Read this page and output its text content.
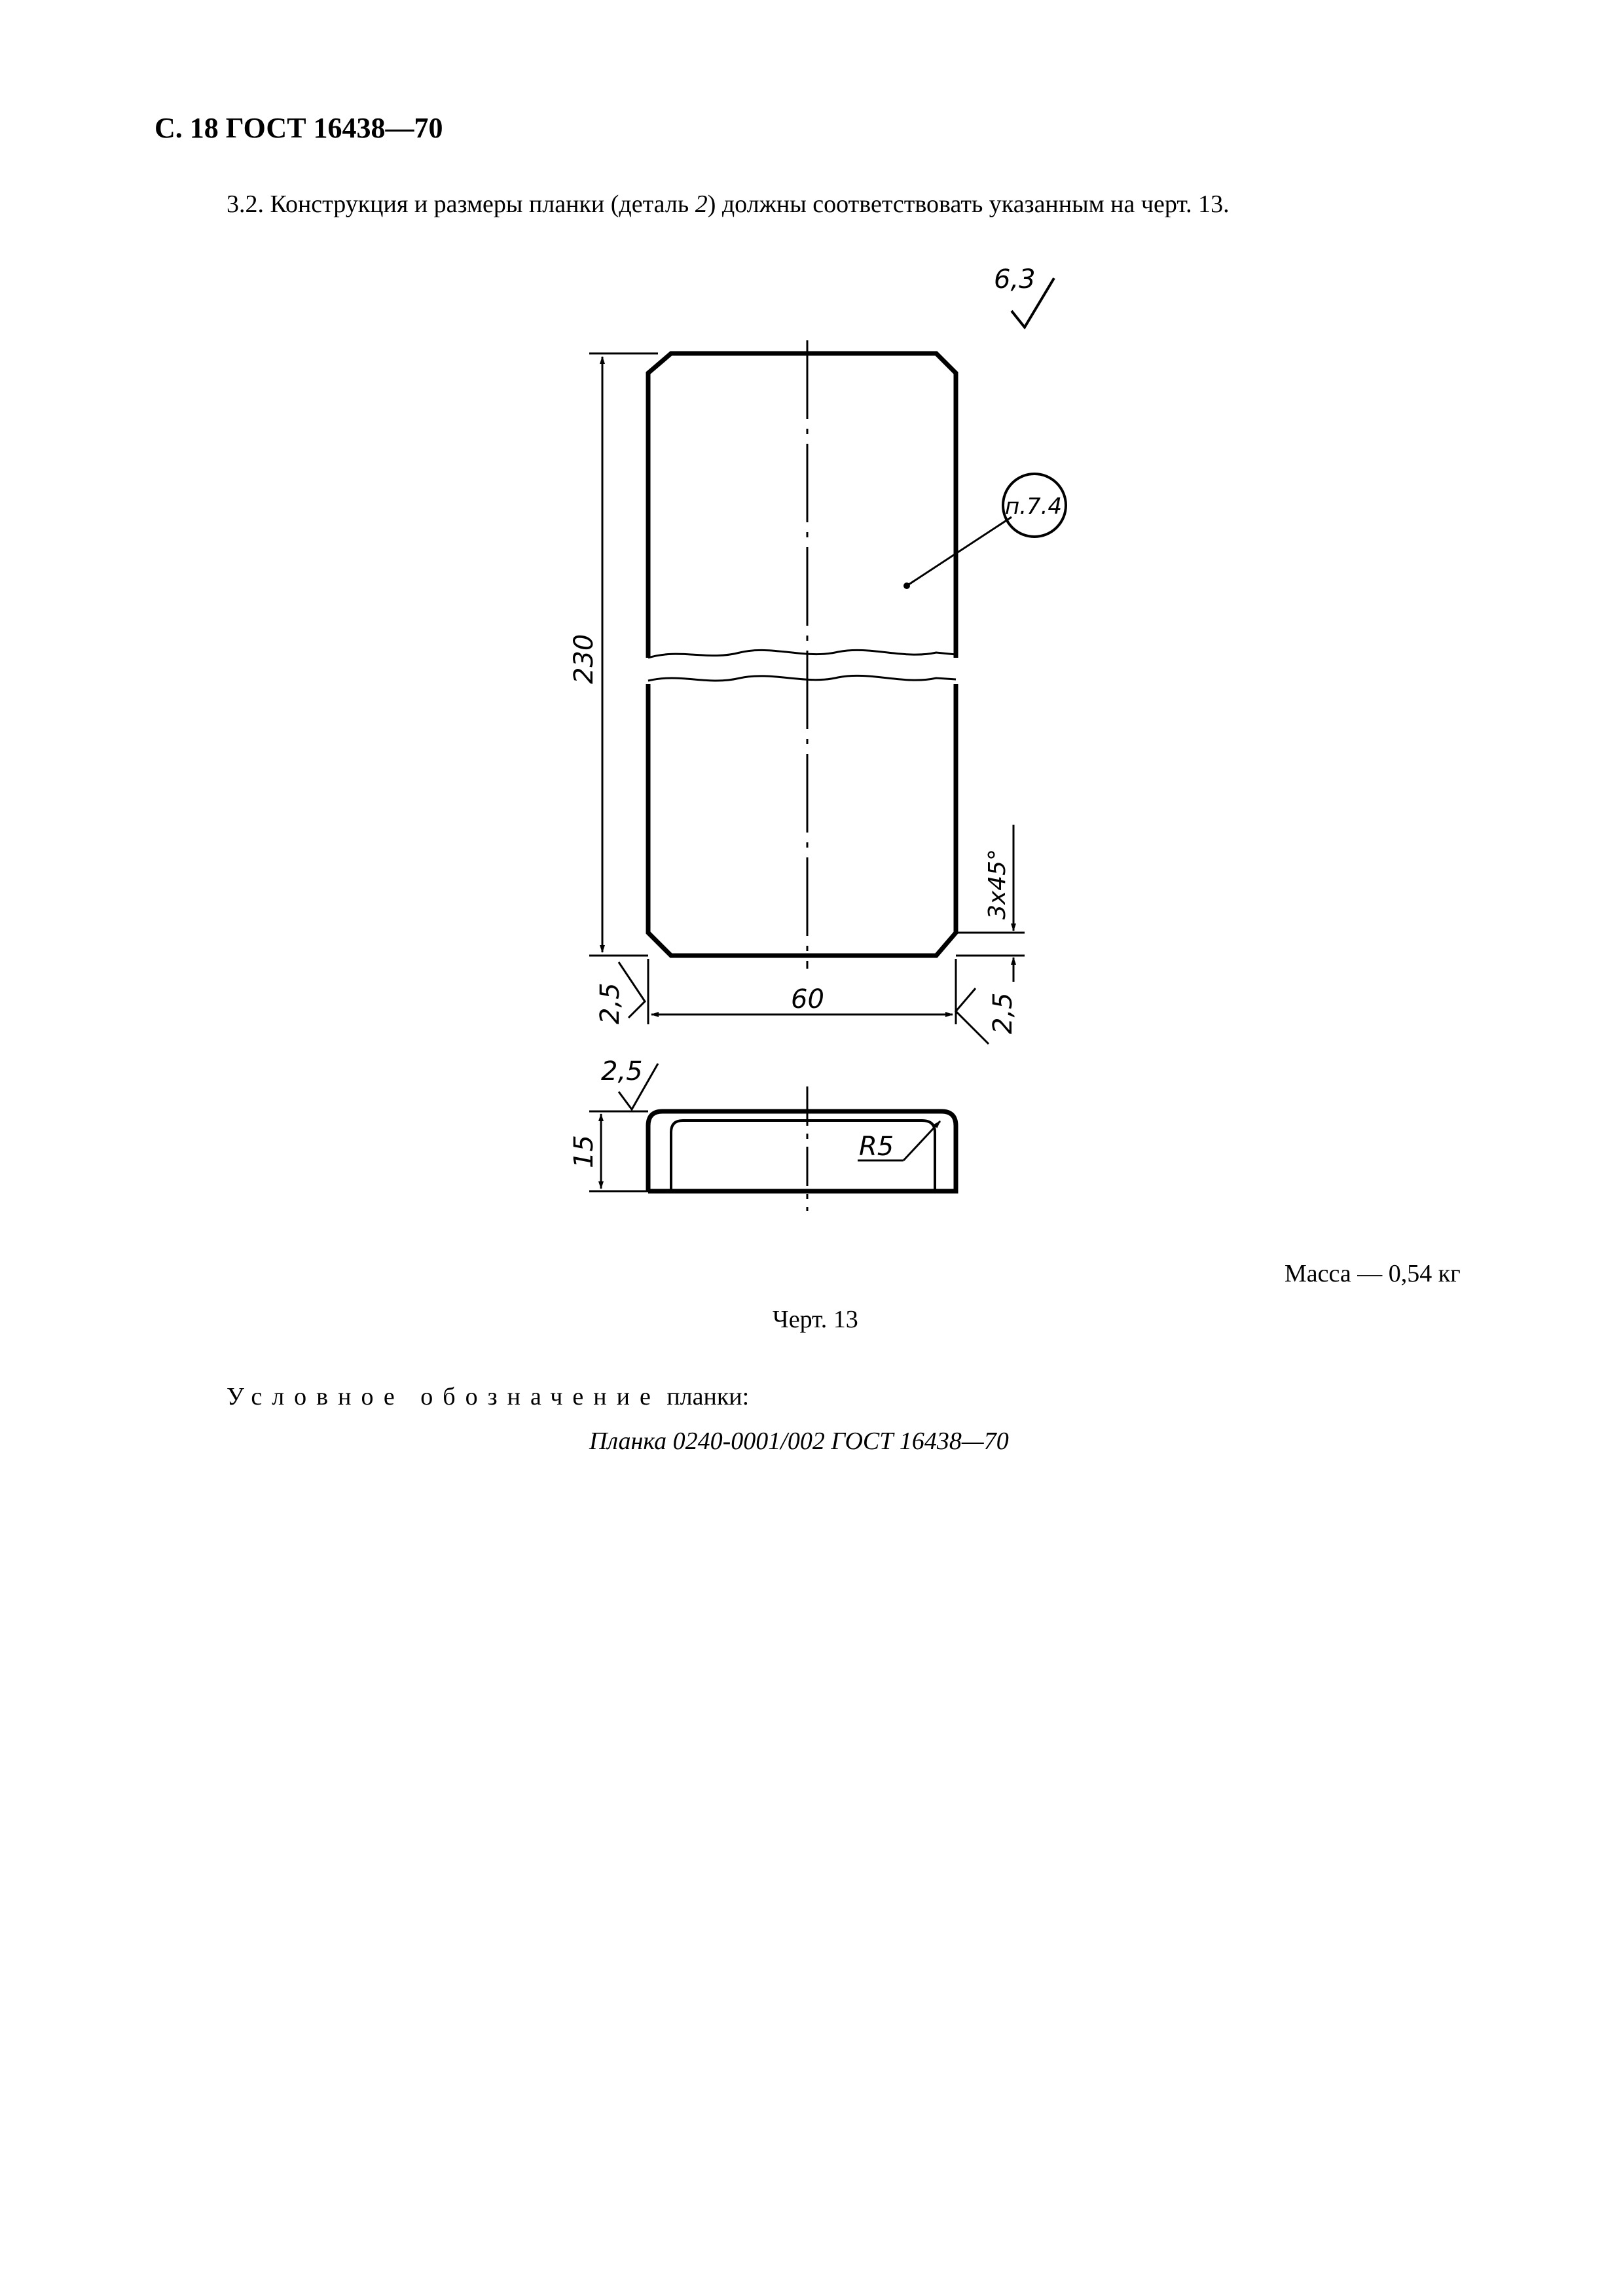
С. 18 ГОСТ 16438—70
3.2. Конструкция и размеры планки (деталь 2) должны соответствовать указанным на черт. 13.
6,3
п.7.4
230
60
3x45°
2,5	2,5
2,5
15	R5
Масса — 0,54 кг
Черт. 13
Условное обозначение планки:
Планка 0240-0001/002 ГОСТ 16438—70
